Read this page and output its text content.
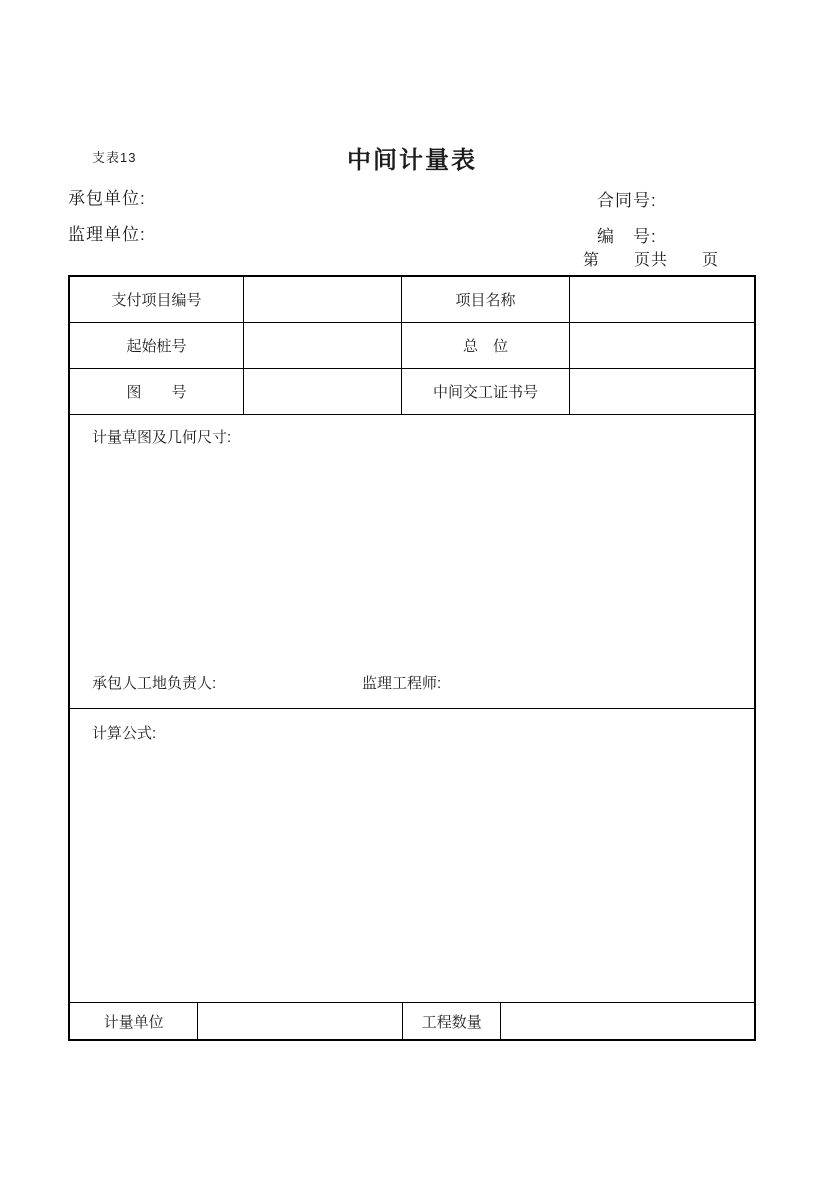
支表13	中间计量表
承包单位:	合同号:
监理单位:	编　号:
第　　页共　　页
支付项目编号	项目名称
起始桩号	总　位
图　　号	中间交工证书号
计量草图及几何尺寸:
承包人工地负责人:	监理工程师:
计算公式:
计量单位	工程数量
